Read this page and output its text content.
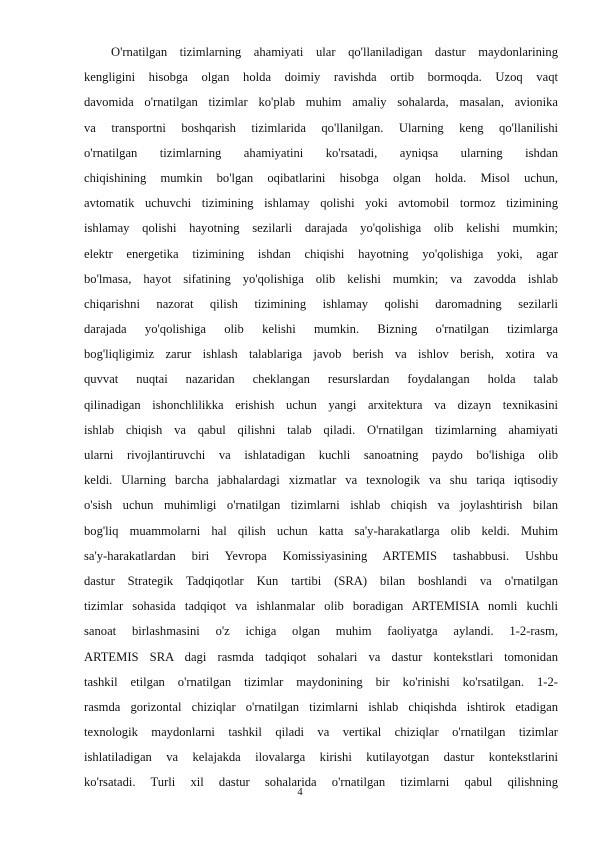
O'rnatilgan tizimlarning ahamiyati ular qo'llaniladigan dastur maydonlarining
kengligini hisobga olgan holda doimiy ravishda ortib bormoqda. Uzoq vaqt
davomida o'rnatilgan tizimlar ko'plab muhim amaliy sohalarda, masalan, avionika
va transportni boshqarish tizimlarida qo'llanilgan. Ularning keng qo'llanilishi
o'rnatilgan tizimlarning ahamiyatini ko'rsatadi, ayniqsa ularning ishdan
chiqishining mumkin bo'lgan oqibatlarini hisobga olgan holda. Misol uchun,
avtomatik uchuvchi tizimining ishlamay qolishi yoki avtomobil tormoz tizimining
ishlamay qolishi hayotning sezilarli darajada yo'qolishiga olib kelishi mumkin;
elektr energetika tizimining ishdan chiqishi hayotning yo'qolishiga yoki, agar
bo'lmasa, hayot sifatining yo'qolishiga olib kelishi mumkin; va zavodda ishlab
chiqarishni nazorat qilish tizimining ishlamay qolishi daromadning sezilarli
darajada yo'qolishiga olib kelishi mumkin. Bizning o'rnatilgan tizimlarga
bog'liqligimiz zarur ishlash talablariga javob berish va ishlov berish, xotira va
quvvat nuqtai nazaridan cheklangan resurslardan foydalangan holda talab
qilinadigan ishonchlilikka erishish uchun yangi arxitektura va dizayn texnikasini
ishlab chiqish va qabul qilishni talab qiladi. O'rnatilgan tizimlarning ahamiyati
ularni rivojlantiruvchi va ishlatadigan kuchli sanoatning paydo bo'lishiga olib
keldi. Ularning barcha jabhalardagi xizmatlar va texnologik va shu tariqa iqtisodiy
o'sish uchun muhimligi o'rnatilgan tizimlarni ishlab chiqish va joylashtirish bilan
bog'liq muammolarni hal qilish uchun katta sa'y-harakatlarga olib keldi. Muhim
sa'y-harakatlardan biri Yevropa Komissiyasining ARTEMIS tashabbusi. Ushbu
dastur Strategik Tadqiqotlar Kun tartibi (SRA) bilan boshlandi va o'rnatilgan
tizimlar sohasida tadqiqot va ishlanmalar olib boradigan ARTEMISIA nomli kuchli
sanoat birlashmasini o'z ichiga olgan muhim faoliyatga aylandi. 1-2-rasm,
ARTEMIS SRA dagi rasmda tadqiqot sohalari va dastur kontekstlari tomonidan
tashkil etilgan o'rnatilgan tizimlar maydonining bir ko'rinishi ko'rsatilgan. 1-2-
rasmda gorizontal chiziqlar o'rnatilgan tizimlarni ishlab chiqishda ishtirok etadigan
texnologik maydonlarni tashkil qiladi va vertikal chiziqlar o'rnatilgan tizimlar
ishlatiladigan va kelajakda ilovalarga kirishi kutilayotgan dastur kontekstlarini
ko'rsatadi. Turli xil dastur sohalarida o'rnatilgan tizimlarni qabul qilishning
4
